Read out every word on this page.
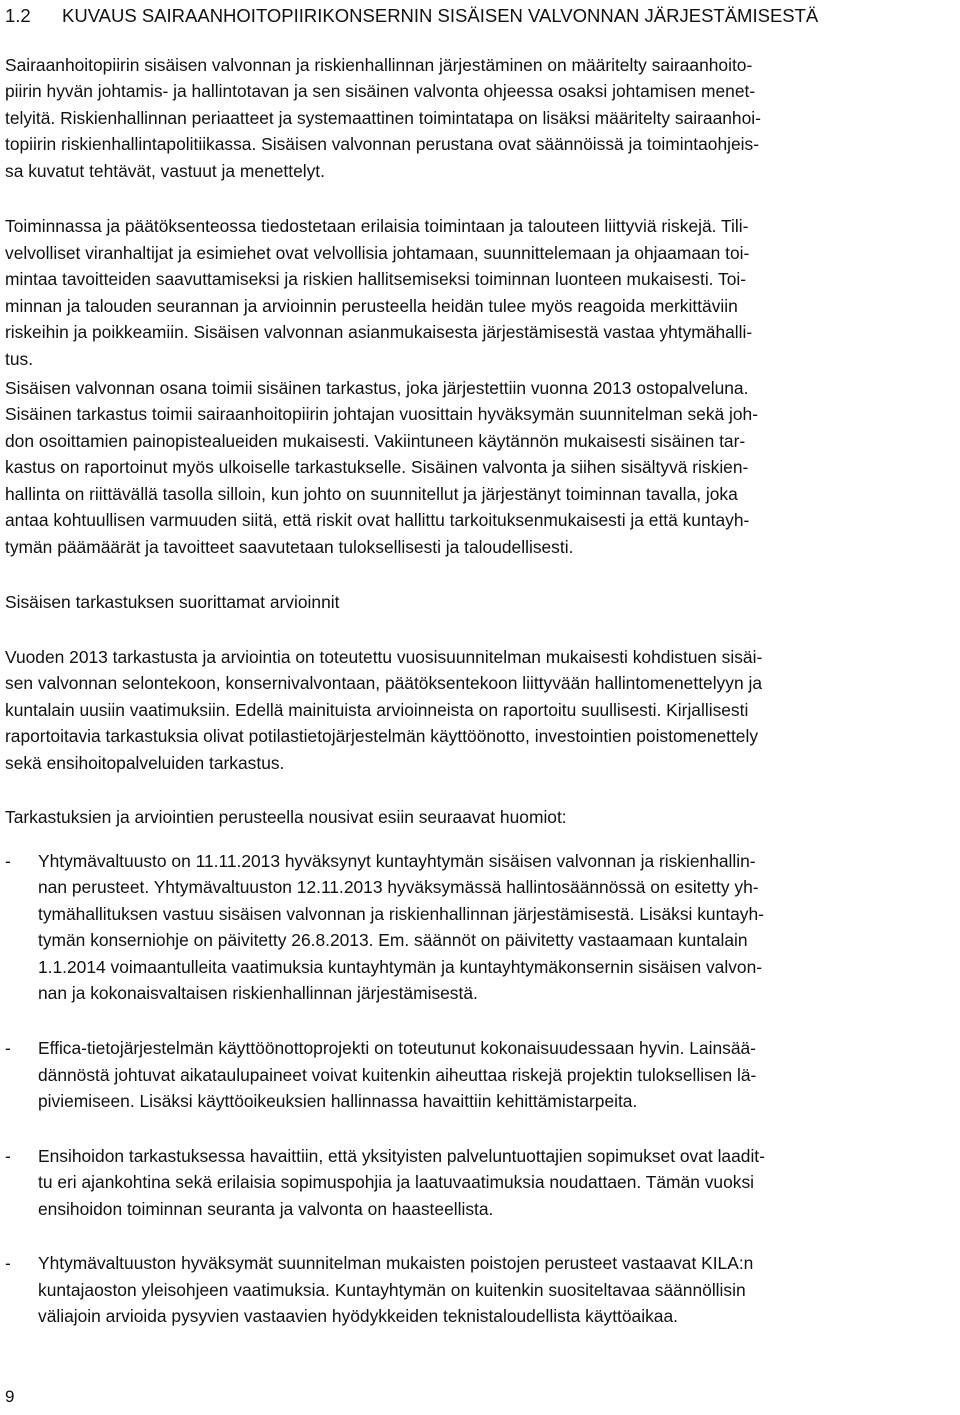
1.2	KUVAUS SAIRAANHOITOPIIRIKONSERNIN SISÄISEN VALVONNAN JÄRJESTÄMISESTÄ
Sairaanhoitopiirin sisäisen valvonnan ja riskienhallinnan järjestäminen on määritelty sairaanhoito-
piirin hyvän johtamis- ja hallintotavan ja sen sisäinen valvonta ohjeessa osaksi johtamisen menet-
telyitä. Riskienhallinnan periaatteet ja systemaattinen toimintatapa on lisäksi määritelty sairaanhoi-
topiirin riskienhallintapolitiikassa. Sisäisen valvonnan perustana ovat säännöissä ja toimintaohjeis-
sa kuvatut tehtävät, vastuut ja menettelyt.
Toiminnassa ja päätöksenteossa tiedostetaan erilaisia toimintaan ja talouteen liittyviä riskejä. Tili-
velvolliset viranhaltijat ja esimiehet ovat velvollisia johtamaan, suunnittelemaan ja ohjaamaan toi-
mintaa tavoitteiden saavuttamiseksi ja riskien hallitsemiseksi toiminnan luonteen mukaisesti. Toi-
minnan ja talouden seurannan ja arvioinnin perusteella heidän tulee myös reagoida merkittäviin
riskeihin ja poikkeamiin. Sisäisen valvonnan asianmukaisesta järjestämisestä vastaa yhtymähalli-
tus.
Sisäisen valvonnan osana toimii sisäinen tarkastus, joka järjestettiin vuonna 2013 ostopalveluna.
Sisäinen tarkastus toimii sairaanhoitopiirin johtajan vuosittain hyväksymän suunnitelman sekä joh-
don osoittamien painopistealueiden mukaisesti. Vakiintuneen käytännön mukaisesti sisäinen tar-
kastus on raportoinut myös ulkoiselle tarkastukselle. Sisäinen valvonta ja siihen sisältyvä riskien-
hallinta on riittävällä tasolla silloin, kun johto on suunnitellut ja järjestänyt toiminnan tavalla, joka
antaa kohtuullisen varmuuden siitä, että riskit ovat hallittu tarkoituksenmukaisesti ja että kuntayh-
tymän päämäärät ja tavoitteet saavutetaan tuloksellisesti ja taloudellisesti.
Sisäisen tarkastuksen suorittamat arvioinnit
Vuoden 2013 tarkastusta ja arviointia on toteutettu vuosisuunnitelman mukaisesti kohdistuen sisäi-
sen valvonnan selontekoon, konsernivalvontaan, päätöksentekoon liittyvään hallintomenettelyyn ja
kuntalain uusiin vaatimuksiin. Edellä mainituista arvioinneista on raportoitu suullisesti. Kirjallisesti
raportoitavia tarkastuksia olivat potilastietojärjestelmän käyttöönotto, investointien poistomenettely
sekä ensihoitopalveluiden tarkastus.
Tarkastuksien ja arviointien perusteella nousivat esiin seuraavat huomiot:
- Yhtymävaltuusto on 11.11.2013 hyväksynyt kuntayhtymän sisäisen valvonnan ja riskienhallin-
nan perusteet. Yhtymävaltuuston 12.11.2013 hyväksymässä hallintosäännössä on esitetty yh-
tymähallituksen vastuu sisäisen valvonnan ja riskienhallinnan järjestämisestä. Lisäksi kuntayh-
tymän konserniohje on päivitetty 26.8.2013. Em. säännöt on päivitetty vastaamaan kuntalain
1.1.2014 voimaantulleita vaatimuksia kuntayhtymän ja kuntayhtymäkonsernin sisäisen valvon-
nan ja kokonaisvaltaisen riskienhallinnan järjestämisestä.
- Effica-tietojärjestelmän käyttöönottoprojekti on toteutunut kokonaisuudessaan hyvin. Lainsää-
dännöstä johtuvat aikataulupaineet voivat kuitenkin aiheuttaa riskejä projektin tuloksellisen lä-
piviemiseen. Lisäksi käyttöoikeuksien hallinnassa havaittiin kehittämistarpeita.
- Ensihoidon tarkastuksessa havaittiin, että yksityisten palveluntuottajien sopimukset ovat laadit-
tu eri ajankohtina sekä erilaisia sopimuspohjia ja laatuvaatimuksia noudattaen. Tämän vuoksi
ensihoidon toiminnan seuranta ja valvonta on haasteellista.
- Yhtymävaltuuston hyväksymät suunnitelman mukaisten poistojen perusteet vastaavat KILA:n
kuntajaoston yleisohjeen vaatimuksia. Kuntayhtymän on kuitenkin suositeltavaa säännöllisin
väliajoin arvioida pysyvien vastaavien hyödykkeiden teknistaloudellista käyttöaikaa.
9
